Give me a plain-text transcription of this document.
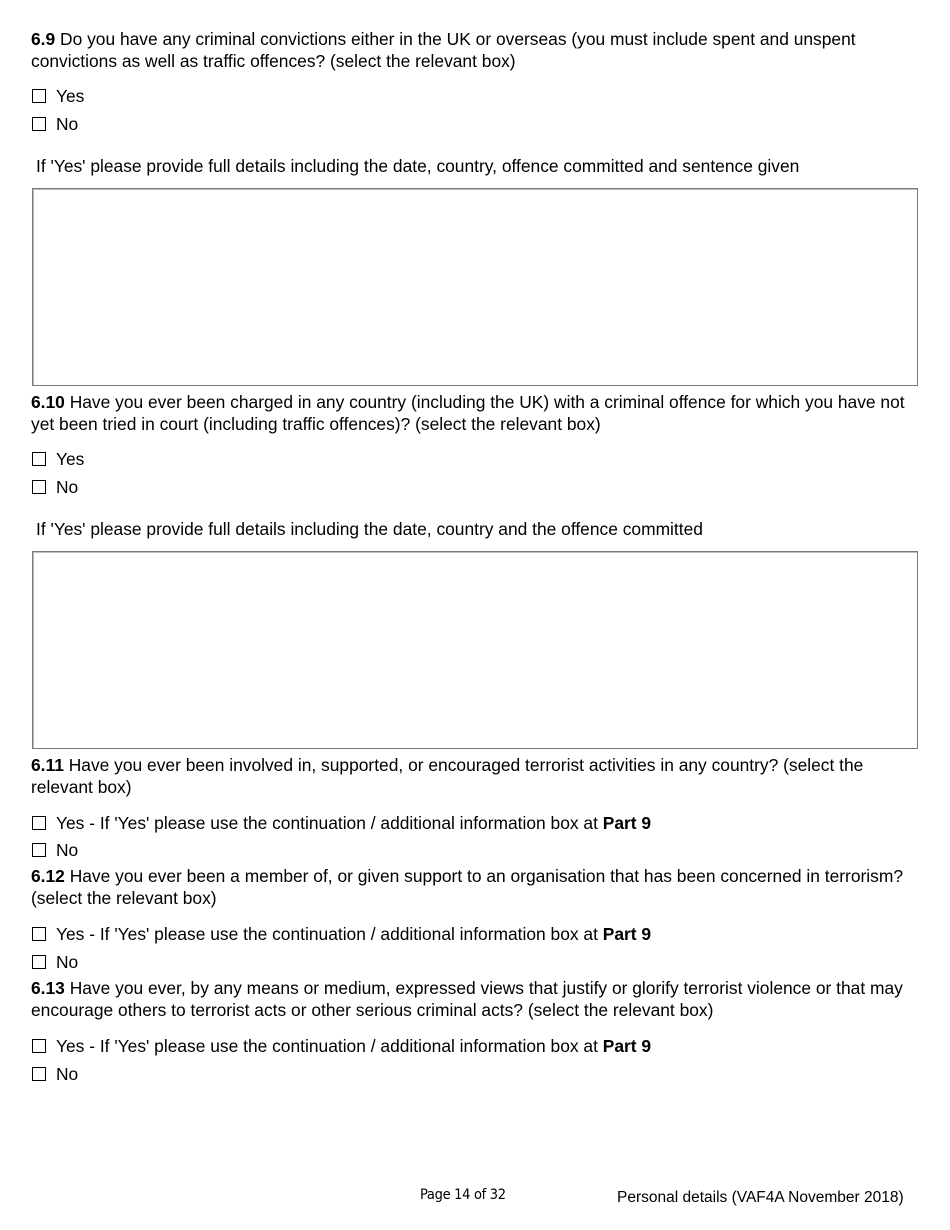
6.9 Do you have any criminal convictions either in the UK or overseas (you must include spent and unspent convictions as well as traffic offences? (select the relevant box)

Yes
No
If 'Yes' please provide full details including the date, country, offence committed and sentence given

6.10 Have you ever been charged in any country (including the UK) with a criminal offence for which you have not yet been tried in court (including traffic offences)? (select the relevant box)

Yes
No
If 'Yes' please provide full details including the date, country and the offence committed

6.11 Have you ever been involved in, supported, or encouraged terrorist activities in any country? (select the relevant box)

Yes - If 'Yes' please use the continuation / additional information box at
Part 9
No

6.12 Have you ever been a member of, or given support to an organisation that has been concerned in terrorism? (select the relevant box)

Yes - If 'Yes' please use the continuation / additional information box at
Part 9
No

6.13 Have you ever, by any means or medium, expressed views that justify or glorify terrorist violence or that may encourage others to terrorist acts or other serious criminal acts? (select the relevant box)

Yes - If 'Yes' please use the continuation / additional information box at
Part 9
No
Page 14 of 32	Personal details (VAF4A November 2018)
